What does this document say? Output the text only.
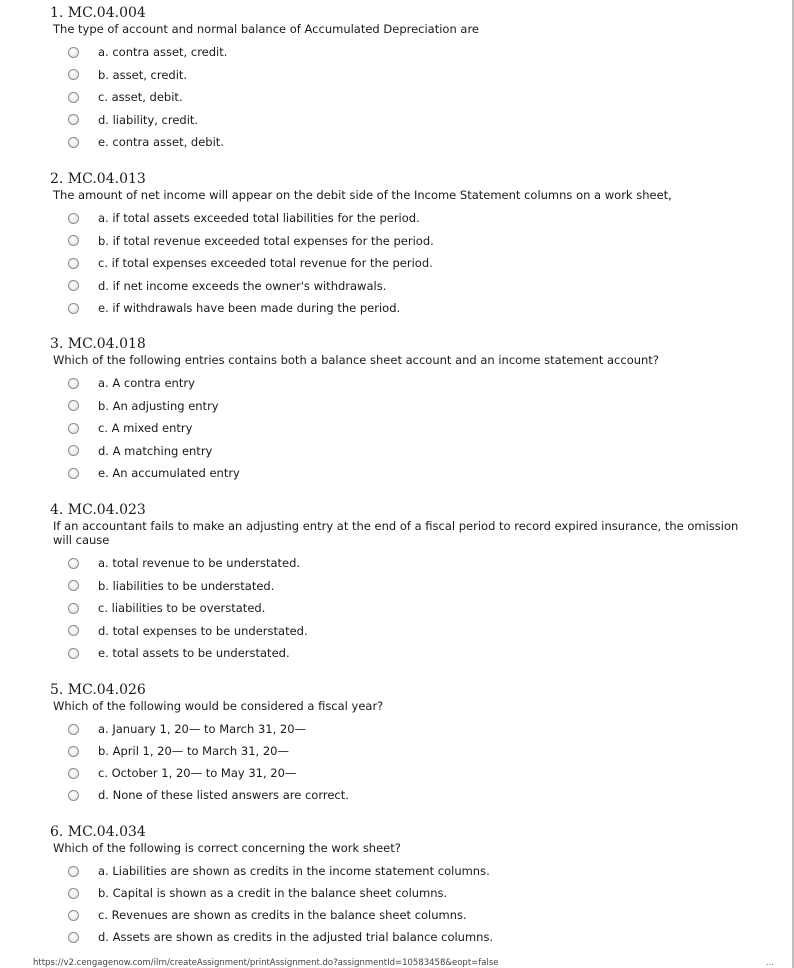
1. MC.04.004
The type of account and normal balance of Accumulated Depreciation are
a. contra asset, credit.
b. asset, credit.
c. asset, debit.
d. liability, credit.
e. contra asset, debit.
2. MC.04.013
The amount of net income will appear on the debit side of the Income Statement columns on a work sheet,
a. if total assets exceeded total liabilities for the period.
b. if total revenue exceeded total expenses for the period.
c. if total expenses exceeded total revenue for the period.
d. if net income exceeds the owner's withdrawals.
e. if withdrawals have been made during the period.
3. MC.04.018
Which of the following entries contains both a balance sheet account and an income statement account?
a. A contra entry
b. An adjusting entry
c. A mixed entry
d. A matching entry
e. An accumulated entry
4. MC.04.023
If an accountant fails to make an adjusting entry at the end of a fiscal period to record expired insurance, the omission will cause
a. total revenue to be understated.
b. liabilities to be understated.
c. liabilities to be overstated.
d. total expenses to be understated.
e. total assets to be understated.
5. MC.04.026
Which of the following would be considered a fiscal year?
a. January 1, 20— to March 31, 20—
b. April 1, 20— to March 31, 20—
c. October 1, 20— to May 31, 20—
d. None of these listed answers are correct.
6. MC.04.034
Which of the following is correct concerning the work sheet?
a. Liabilities are shown as credits in the income statement columns.
b. Capital is shown as a credit in the balance sheet columns.
c. Revenues are shown as credits in the balance sheet columns.
d. Assets are shown as credits in the adjusted trial balance columns.
https://v2.cengagenow.com/ilrn/createAssignment/printAssignment.do?assignmentId=10583458&eopt=false	...
